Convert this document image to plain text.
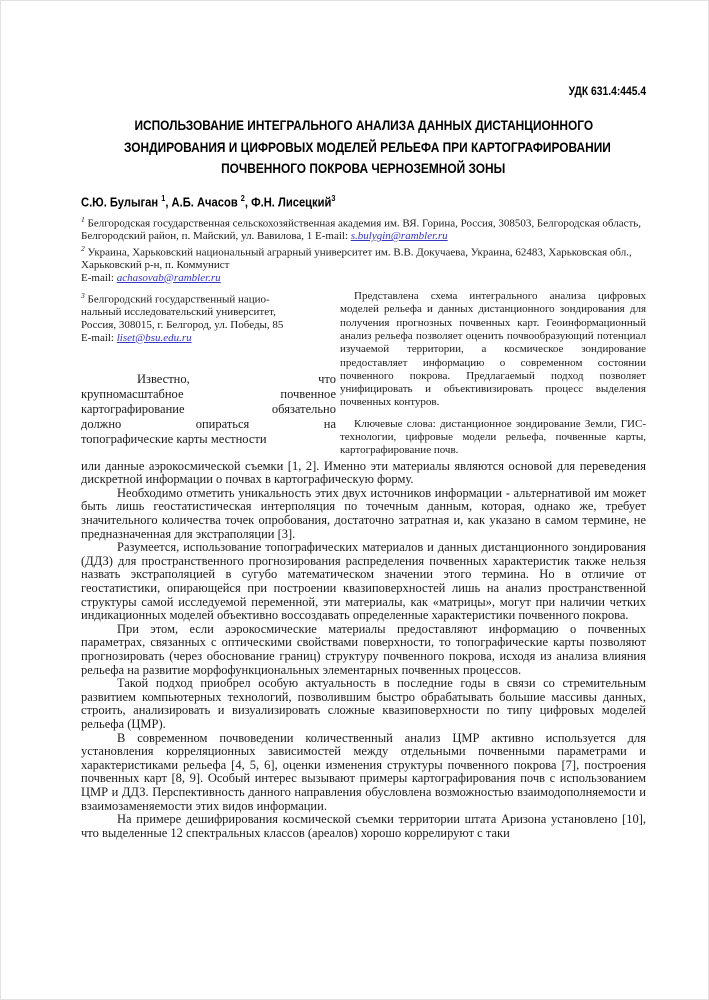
УДК 631.4:445.4
ИСПОЛЬЗОВАНИЕ ИНТЕГРАЛЬНОГО АНАЛИЗА ДАННЫХ ДИСТАНЦИОННОГО
ЗОНДИРОВАНИЯ И ЦИФРОВЫХ МОДЕЛЕЙ РЕЛЬЕФА ПРИ КАРТОГРАФИРОВАНИИ
ПОЧВЕННОГО ПОКРОВА ЧЕРНОЗЕМНОЙ ЗОНЫ
С.Ю. Булыган $^1$, А.Б. Ачасов $^2$, Ф.Н. Лисецкий$^3$

$^1$ Белгородская государственная сельскохозяйственная академия им. ВЯ. Горина, Россия, 308503, Белгородская область, Белгородский район, п. Майский, ул. Вавилова, 1 E-mail: s.bulygin@rambler.ru

$^2$ Украина, Харьковский национальный аграрный университет им. В.В. Докучаева, Украина, 62483, Харьковская обл., Харьковский р-н, п. Коммунист

E-mail: achasovab@rambler.ru

$^3$ Белгородский государственный нацио-

нальный исследовательский университет,

Россия, 308015, г. Белгород, ул. Победы, 85

E-mail: liset@bsu.edu.ru

Известно, что
крупномасштабное почвенное
картографирование обязательно
должно опираться на
топографические карты местности

Представлена схема интегрального анализа цифровых моделей рельефа и данных дистанционного зондирования для получения прогнозных почвенных карт. Геоинформационный анализ рельефа позволяет оценить почвообразующий потенциал изучаемой территории, а космическое зондирование предоставляет информацию о современном состоянии почвенного покрова. Предлагаемый подход позволяет унифицировать и объективизировать процесс выделения почвенных контуров.

Ключевые слова: дистанционное зондирование Земли, ГИС-технологии, цифровые модели рельефа, почвенные карты, картографирование почв.

или данные аэрокосмической съемки [1, 2]. Именно эти материалы являются основой для переведения дискретной информации о почвах в картографическую форму.

Необходимо отметить уникальность этих двух источников информации - альтернативой им может быть лишь геостатистическая интерполяция по точечным данным, которая, однако же, требует значительного количества точек опробования, достаточно затратная и, как указано в самом термине, не предназначенная для экстраполяции [3].

Разумеется, использование топографических материалов и данных дистанционного зондирования (ДДЗ) для пространственного прогнозирования распределения почвенных характеристик также нельзя назвать экстраполяцией в сугубо математическом значении этого термина. Но в отличие от геостатистики, опирающейся при построении квазиповерхностей лишь на анализ пространственной структуры самой исследуемой переменной, эти материалы, как «матрицы», могут при наличии четких индикационных моделей объективно воссоздавать определенные характеристики почвенного покрова.

При этом, если аэрокосмические материалы предоставляют информацию о почвенных параметрах, связанных с оптическими свойствами поверхности, то топографические карты позволяют прогнозировать (через обоснование границ) структуру почвенного покрова, исходя из анализа влияния рельефа на развитие морфофункциональных элементарных почвенных процессов.

Такой подход приобрел особую актуальность в последние годы в связи со стремительным развитием компьютерных технологий, позволившим быстро обрабатывать большие массивы данных, строить, анализировать и визуализировать сложные квазиповерхности по типу цифровых моделей рельефа (ЦМР).

В современном почвоведении количественный анализ ЦМР активно используется для установления корреляционных зависимостей между отдельными почвенными параметрами и характеристиками рельефа [4, 5, 6], оценки изменения структуры почвенного покрова [7], построения почвенных карт [8, 9]. Особый интерес вызывают примеры картографирования почв с использованием ЦМР и ДДЗ. Перспективность данного направления обусловлена возможностью взаимодополняемости и взаимозаменяемости этих видов информации.

На примере дешифрирования космической съемки территории штата Аризона установлено [10], что выделенные 12 спектральных классов (ареалов) хорошо коррелируют с таки
